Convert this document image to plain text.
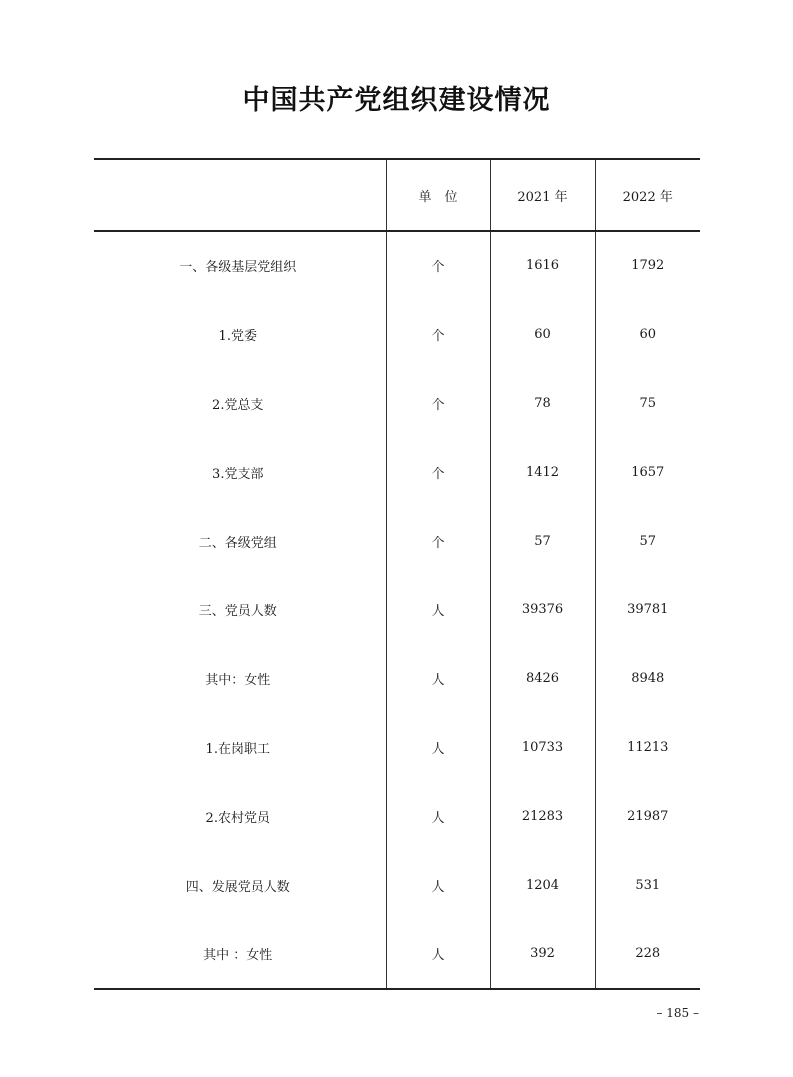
中国共产党组织建设情况
	单　位	2021 年	2022 年
一、各级基层党组织	个	1616	1792
1.党委	个	60	60
2.党总支	个	78	75
3.党支部	个	1412	1657
二、各级党组	个	57	57
三、党员人数	人	39376	39781
其中：女性	人	8426	8948
1.在岗职工	人	10733	11213
2.农村党员	人	21283	21987
四、发展党员人数	人	1204	531
其中 ：女性	人	392	228
– 185 –
